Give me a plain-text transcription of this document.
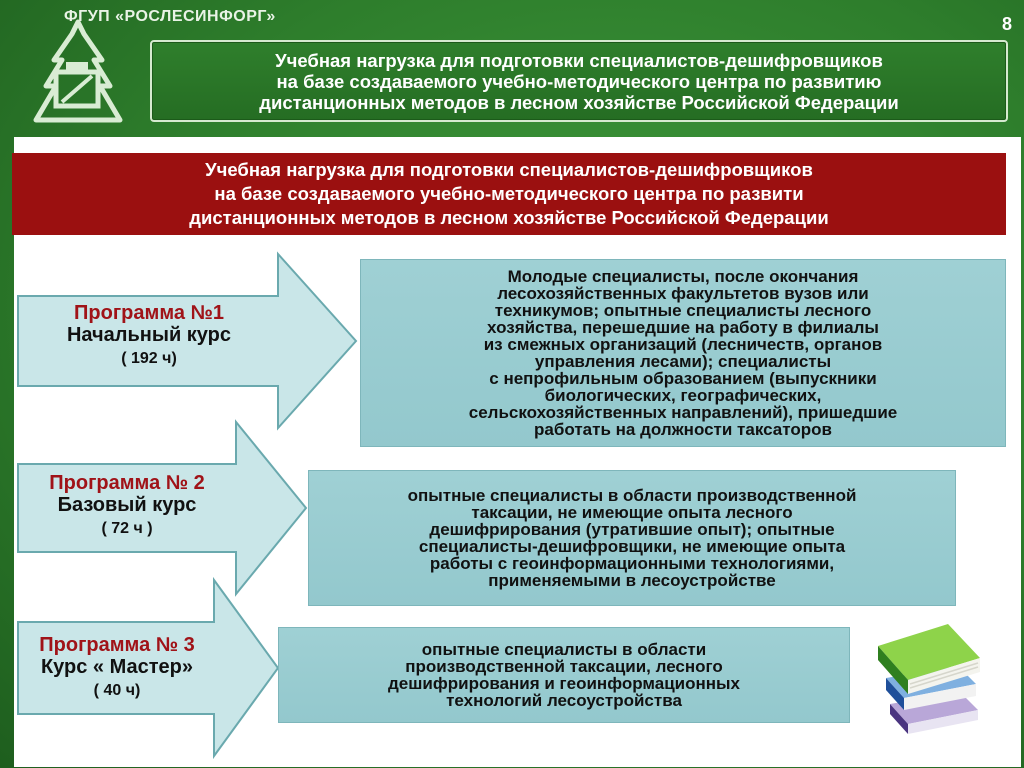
8
ФГУП «РОСЛЕСИНФОРГ»
Учебная нагрузка для подготовки специалистов-дешифровщиков
на базе создаваемого учебно-методического центра по развитию
дистанционных методов в лесном хозяйстве Российской Федерации
Учебная нагрузка для подготовки специалистов-дешифровщиков
на базе создаваемого учебно-методического центра по развити
дистанционных методов в лесном хозяйстве Российской Федерации
Программа №1
Начальный курс
( 192 ч)
Молодые специалисты, после окончания
лесохозяйственных факультетов вузов или
техникумов; опытные специалисты лесного
хозяйства, перешедшие на работу в филиалы
из смежных организаций (лесничеств, органов
управления лесами); специалисты
с непрофильным образованием (выпускники
биологических, географических,
сельскохозяйственных направлений), пришедшие
работать на должности таксаторов
Программа № 2
Базовый курс
( 72 ч )
опытные специалисты в области производственной
таксации, не имеющие опыта лесного
дешифрирования (утратившие опыт); опытные
специалисты-дешифровщики, не имеющие опыта
работы с геоинформационными технологиями,
применяемыми в лесоустройстве
Программа № 3
Курс « Мастер»
( 40 ч)
опытные специалисты в области
производственной таксации, лесного
дешифрирования и геоинформационных
технологий лесоустройства
